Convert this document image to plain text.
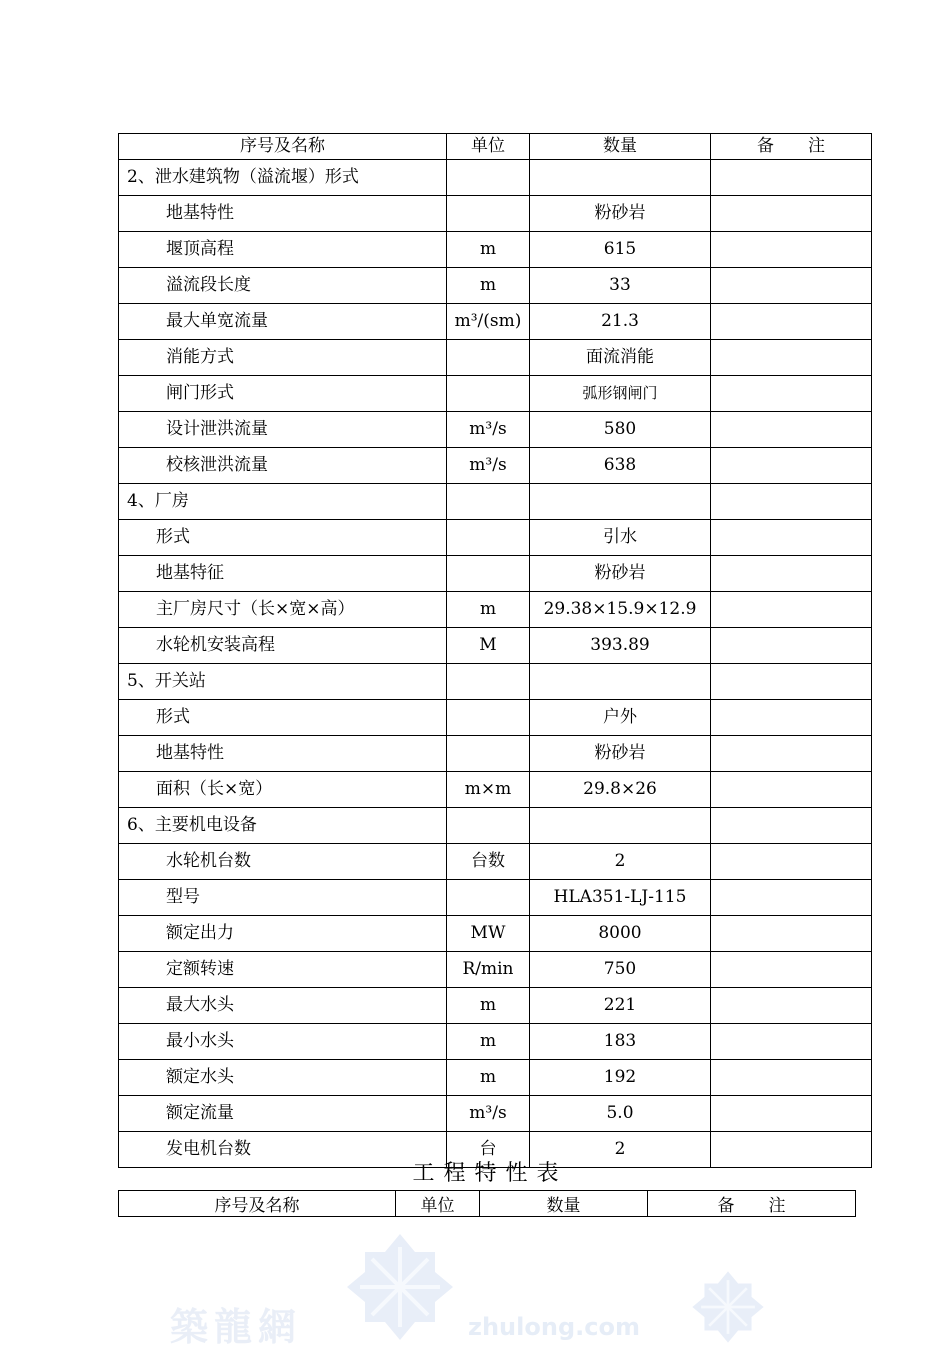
序号及名称	单位	数量	备　　注
2、泄水建筑物（溢流堰）形式			
地基特性		粉砂岩	
堰顶高程	m	615	
溢流段长度	m	33	
最大单宽流量	m³/(sm)	21.3	
消能方式		面流消能	
闸门形式		弧形钢闸门	
设计泄洪流量	m³/s	580	
校核泄洪流量	m³/s	638	
4、厂房			
形式		引水	
地基特征		粉砂岩	
主厂房尺寸（长×宽×高）	m	29.38×15.9×12.9	
水轮机安装高程	M	393.89	
5、开关站			
形式		户外	
地基特性		粉砂岩	
面积（长×宽）	m×m	29.8×26	
6、主要机电设备			
水轮机台数	台数	2	
型号		HLA351-LJ-115	
额定出力	MW	8000	
定额转速	R/min	750	
最大水头	m	221	
最小水头	m	183	
额定水头	m	192	
额定流量	m³/s	5.0	
发电机台数	台	2	
工程特性表
序号及名称	单位	数量	备　　注
築龍網	zhulong.com
